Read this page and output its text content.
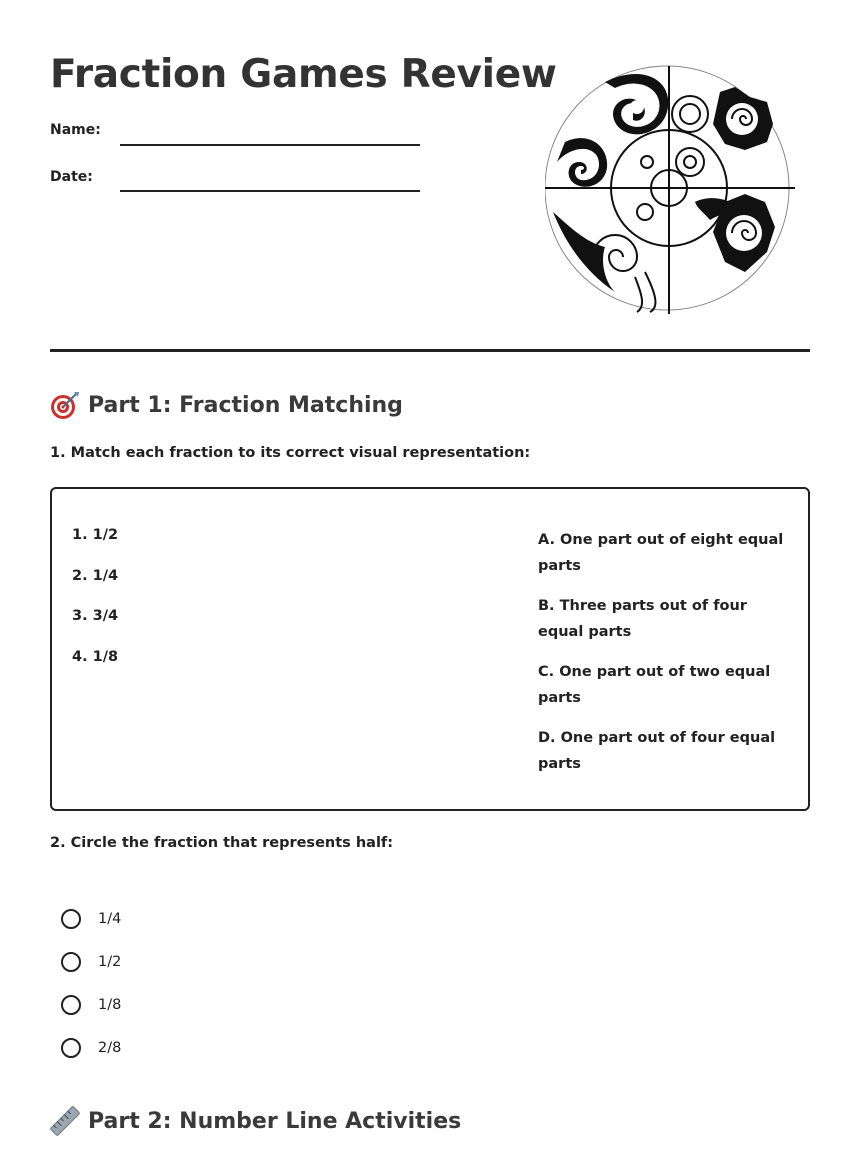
Fraction Games Review
Name:
Date:
Part 1: Fraction Matching
1. Match each fraction to its correct visual representation:
1. 1/2
2. 1/4
3. 3/4
4. 1/8
A. One part out of eight equal parts
B. Three parts out of four equal parts
C. One part out of two equal parts
D. One part out of four equal parts
2. Circle the fraction that represents half:
1/4
1/2
1/8
2/8
Part 2: Number Line Activities
